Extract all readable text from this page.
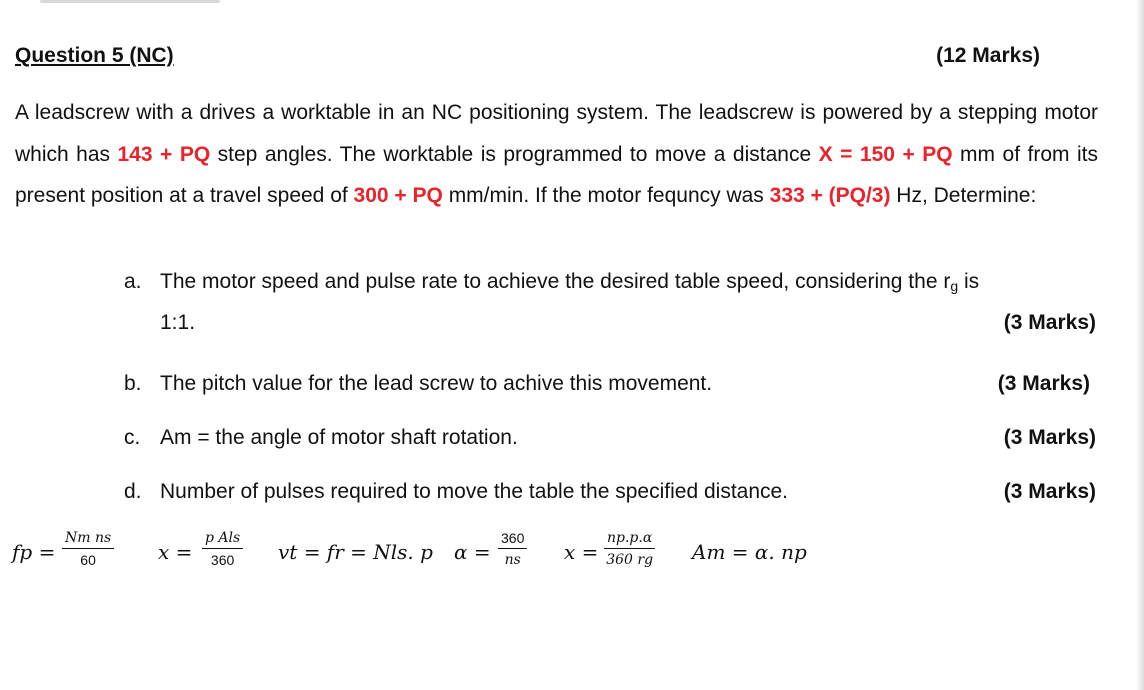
Question 5 (NC)	(12 Marks)
A leadscrew with a drives a worktable in an NC positioning system. The leadscrew is powered by a stepping motor which has 143 + PQ step angles. The worktable is programmed to move a distance X = 150 + PQ mm of from its present position at a travel speed of 300 + PQ mm/min. If the motor fequncy was 333 + (PQ/3) Hz, Determine:
a. The motor speed and pulse rate to achieve the desired table speed, considering the $r_g$ is
1:1.	(3 Marks)
b. The pitch value for the lead screw to achive this movement.	(3 Marks)
c. Am = the angle of motor shaft rotation.	(3 Marks)
d. Number of pulses required to move the table the specified distance.	(3 Marks)
fp = $\frac{\text{Nm ns}}{60}$ x =
p Als
360	vt = fr = Nls. p $\alpha = \frac{360}{ns}$ $x = \frac{np.p.\alpha}{360 rg}$ Am = α. np
